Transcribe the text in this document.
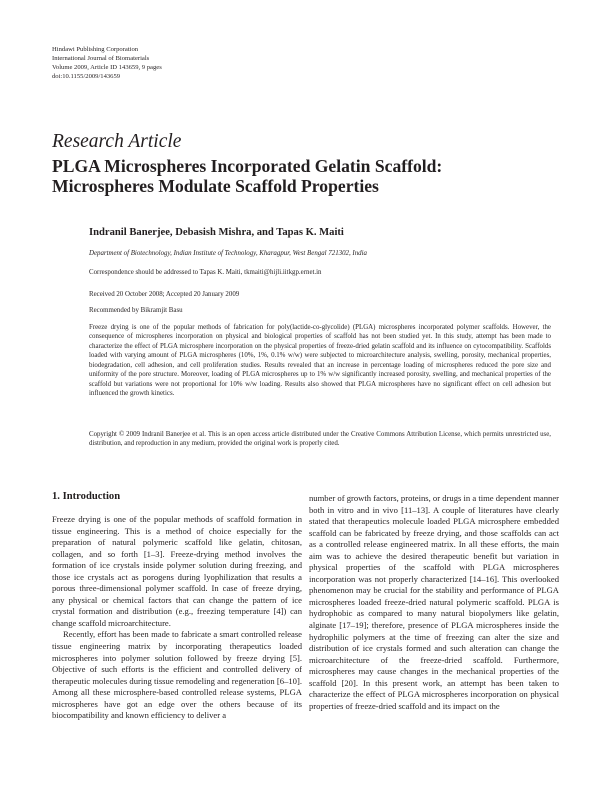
Hindawi Publishing Corporation
International Journal of Biomaterials
Volume 2009, Article ID 143659, 9 pages
doi:10.1155/2009/143659
Research Article
PLGA Microspheres Incorporated Gelatin Scaffold:
Microspheres Modulate Scaffold Properties
Indranil Banerjee, Debasish Mishra, and Tapas K. Maiti
Department of Biotechnology, Indian Institute of Technology, Kharagpur, West Bengal 721302, India
Correspondence should be addressed to Tapas K. Maiti, tkmaiti@hijli.iitkgp.ernet.in
Received 20 October 2008; Accepted 20 January 2009
Recommended by Bikramjit Basu

Freeze drying is one of the popular methods of fabrication for poly(lactide-co-glycolide) (PLGA) microspheres incorporated polymer scaffolds. However, the consequence of microspheres incorporation on physical and biological properties of scaffold has not been studied yet. In this study, attempt has been made to characterize the effect of PLGA microsphere incorporation on the physical properties of freeze-dried gelatin scaffold and its influence on cytocompatibility. Scaffolds loaded with varying amount of PLGA microspheres (10%, 1%, 0.1% w/w) were subjected to microarchitecture analysis, swelling, porosity, mechanical properties, biodegradation, cell adhesion, and cell proliferation studies. Results revealed that an increase in percentage loading of microspheres reduced the pore size and uniformity of the pore structure. Moreover, loading of PLGA microspheres up to 1% w/w significantly increased porosity, swelling, and mechanical properties of the scaffold but variations were not proportional for 10% w/w loading. Results also showed that PLGA microspheres have no significant effect on cell adhesion but influenced the growth kinetics.

Copyright © 2009 Indranil Banerjee et al. This is an open access article distributed under the Creative Commons Attribution License, which permits unrestricted use, distribution, and reproduction in any medium, provided the original work is properly cited.

1. Introduction

Freeze drying is one of the popular methods of scaffold formation in tissue engineering. This is a method of choice especially for the preparation of natural polymeric scaffold like gelatin, chitosan, collagen, and so forth [1–3]. Freeze-drying method involves the formation of ice crystals inside polymer solution during freezing, and those ice crystals act as porogens during lyophilization that results a porous three-dimensional polymer scaffold. In case of freeze drying, any physical or chemical factors that can change the pattern of ice crystal formation and distribution (e.g., freezing temperature [4]) can change scaffold microarchitecture.

Recently, effort has been made to fabricate a smart controlled release tissue engineering matrix by incorporating therapeutics loaded microspheres into polymer solution followed by freeze drying [5]. Objective of such efforts is the efficient and controlled delivery of therapeutic molecules during tissue remodeling and regeneration [6–10]. Among all these microsphere-based controlled release systems, PLGA microspheres have got an edge over the others because of its biocompatibility and known efficiency to deliver a

number of growth factors, proteins, or drugs in a time dependent manner both in vitro and in vivo [11–13]. A couple of literatures have clearly stated that therapeutics molecule loaded PLGA microsphere embedded scaffold can be fabricated by freeze drying, and those scaffolds can act as a controlled release engineered matrix. In all these efforts, the main aim was to achieve the desired therapeutic benefit but variation in physical properties of the scaffold with PLGA microspheres incorporation was not properly characterized [14–16]. This overlooked phenomenon may be crucial for the stability and performance of PLGA microspheres loaded freeze-dried natural polymeric scaffold. PLGA is hydrophobic as compared to many natural biopolymers like gelatin, alginate [17–19]; therefore, presence of PLGA microspheres inside the hydrophilic polymers at the time of freezing can alter the size and distribution of ice crystals formed and such alteration can change the microarchitecture of the freeze-dried scaffold. Furthermore, microspheres may cause changes in the mechanical properties of the scaffold [20]. In this present work, an attempt has been taken to characterize the effect of PLGA microspheres incorporation on physical properties of freeze-dried scaffold and its impact on the
